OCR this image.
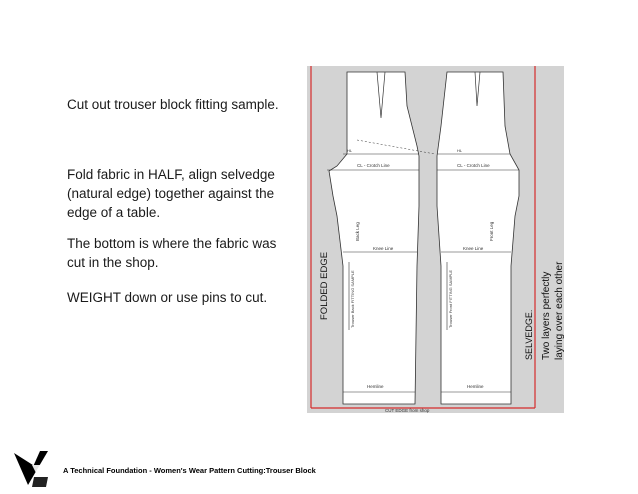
Cut out trouser block fitting sample.

Fold fabric in HALF, align selvedge (natural edge) together against the edge of a table.

The bottom is where the fabric was cut in the shop.

WEIGHT down or use pins to cut.

CL - Crotch Line	CL - Crotch Line
Knee Line	Knee Line
Hemline	Hemline
HL	HL
CUT EDGE from shop
Back Leg	Front Leg
Trouser Back FITTING SAMPLE	Trouser Front FITTING SAMPLE
FOLDED EDGE
SELVEDGE. Two layers perfectly laying over each other
A Technical Foundation - Women's Wear Pattern Cutting:Trouser Block
